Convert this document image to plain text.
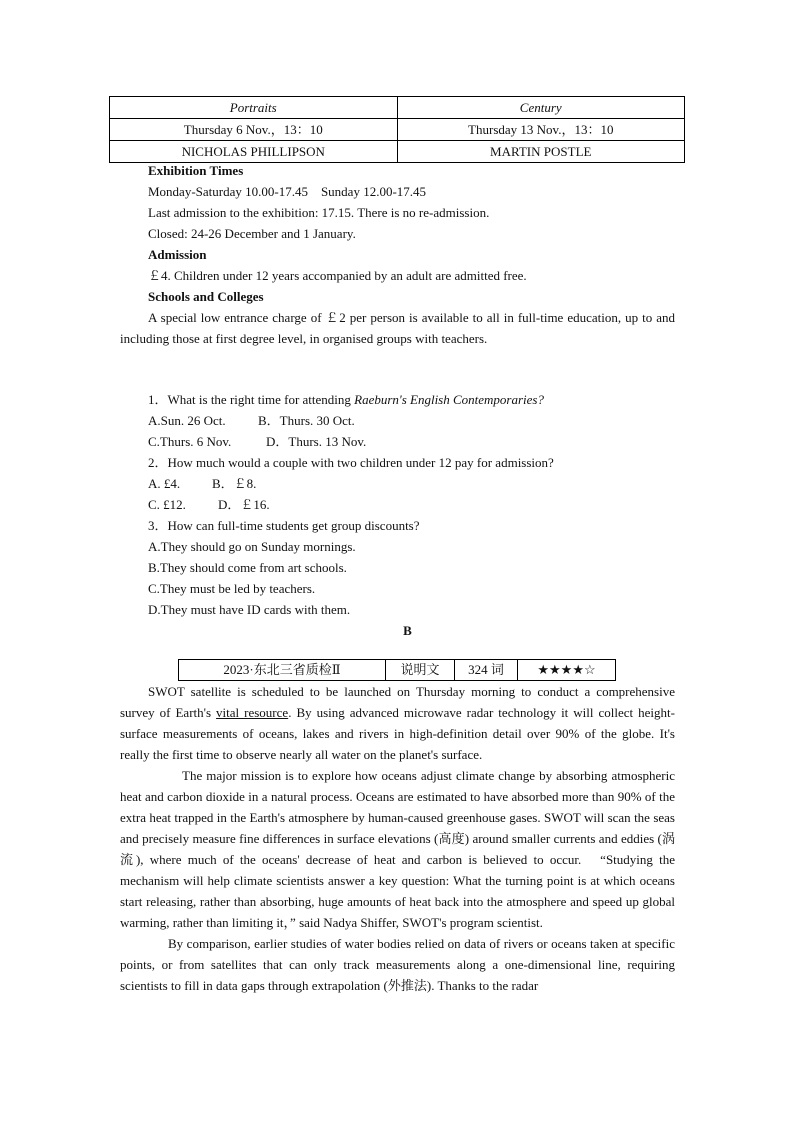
Portraits	Century
Thursday 6 Nov.，13：10	Thursday 13 Nov.，13：10
NICHOLAS PHILLIPSON	MARTIN POSTLE
Exhibition Times
Monday-Saturday 10.00-17.45　Sunday 12.00-17.45
Last admission to the exhibition: 17.15. There is no re-admission.
Closed: 24-26 December and 1 January.
Admission
￡4. Children under 12 years accompanied by an adult are admitted free.
Schools and Colleges
A special low entrance charge of ￡2 per person is available to all in full-time education, up to and including those at first degree level, in organised groups with teachers.
1．What is the right time for attending Raeburn's English Contemporaries?
A.Sun. 26 Oct. B．Thurs. 30 Oct.
C.Thurs. 6 Nov.	D．Thurs. 13 Nov.
2．How much would a couple with two children under 12 pay for admission?
A. £4. B．￡8.
C. £12. D．￡16.
3．How can full-time students get group discounts?
A.They should go on Sunday mornings.
B.They should come from art schools.
C.They must be led by teachers.
D.They must have ID cards with them.
B
2023·东北三省质检Ⅱ	说明文	324 词	★★★★☆

SWOT satellite is scheduled to be launched on Thursday morning to conduct a comprehensive survey of Earth's vital resource. By using advanced microwave radar technology it will collect height-surface measurements of oceans, lakes and rivers in high-definition detail over 90% of the globe. It's really the first time to observe nearly all water on the planet's surface.

The major mission is to explore how oceans adjust climate change by absorbing atmospheric heat and carbon dioxide in a natural process. Oceans are estimated to have absorbed more than 90% of the extra heat trapped in the Earth's atmosphere by human-caused greenhouse gases. SWOT will scan the seas and precisely measure fine differences in surface elevations (高度) around smaller currents and eddies (涡流), where much of the oceans' decrease of heat and carbon is believed to occur.　“Studying the mechanism will help climate scientists answer a key question: What the turning point is at which oceans start releasing, rather than absorbing, huge amounts of heat back into the atmosphere and speed up global warming, rather than limiting it，” said Nadya Shiffer, SWOT's program scientist.

By comparison, earlier studies of water bodies relied on data of rivers or oceans taken at specific points, or from satellites that can only track measurements along a one-dimensional line, requiring scientists to fill in data gaps through extrapolation (外推法). Thanks to the radar
